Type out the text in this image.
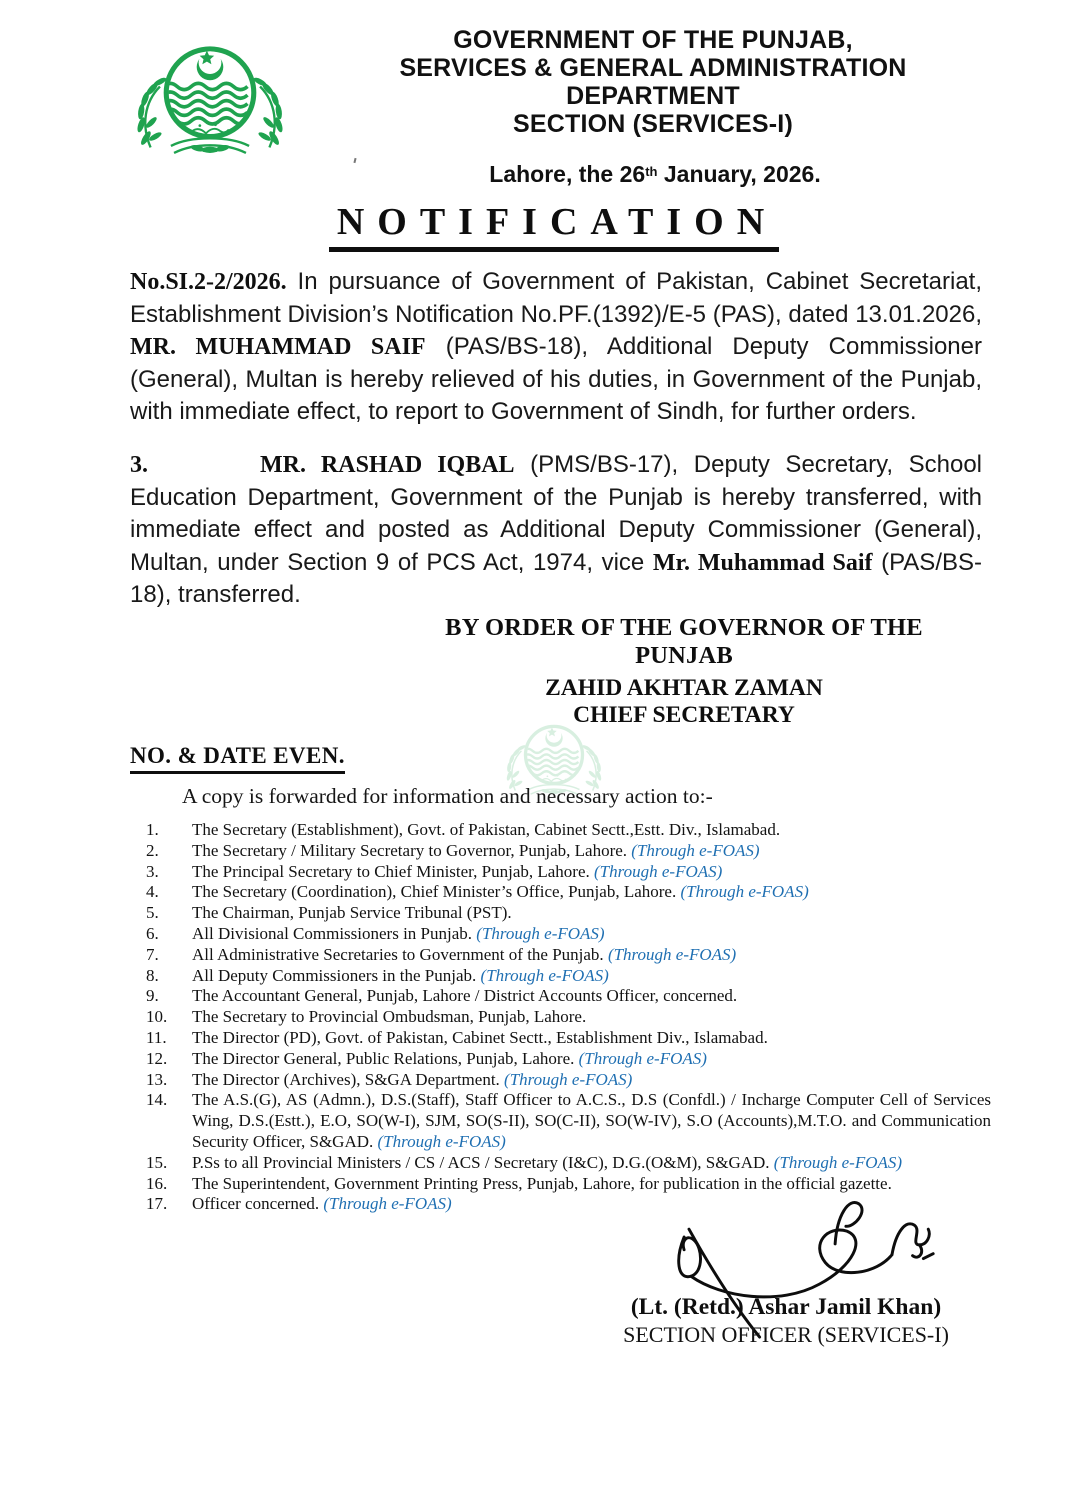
GOVERNMENT OF THE PUNJAB,
SERVICES & GENERAL ADMINISTRATION
DEPARTMENT
SECTION (SERVICES-I)
Lahore, the 26th January, 2026.
NOTIFICATION
No.SI.2-2/2026. In pursuance of Government of Pakistan, Cabinet Secretariat, Establishment Division’s Notification No.PF.(1392)/E-5 (PAS), dated 13.01.2026, MR. MUHAMMAD SAIF (PAS/BS-18), Additional Deputy Commissioner (General), Multan is hereby relieved of his duties, in Government of the Punjab, with immediate effect, to report to Government of Sindh, for further orders.
3.	MR. RASHAD IQBAL (PMS/BS-17), Deputy Secretary, School Education Department, Government of the Punjab is hereby transferred, with immediate effect and posted as Additional Deputy Commissioner (General), Multan, under Section 9 of PCS Act, 1974, vice Mr. Muhammad Saif (PAS/BS-18), transferred.
BY ORDER OF THE GOVERNOR OF THE PUNJAB
ZAHID AKHTAR ZAMAN
CHIEF SECRETARY
NO. & DATE EVEN.
A copy is forwarded for information and necessary action to:-
1.	The Secretary (Establishment), Govt. of Pakistan, Cabinet Sectt.,Estt. Div., Islamabad.
2.	The Secretary / Military Secretary to Governor, Punjab, Lahore. (Through e-FOAS)
3.	The Principal Secretary to Chief Minister, Punjab, Lahore. (Through e-FOAS)
4.	The Secretary (Coordination), Chief Minister’s Office, Punjab, Lahore. (Through e-FOAS)
5.	The Chairman, Punjab Service Tribunal (PST).
6.	All Divisional Commissioners in Punjab. (Through e-FOAS)
7.	All Administrative Secretaries to Government of the Punjab. (Through e-FOAS)
8.	All Deputy Commissioners in the Punjab. (Through e-FOAS)
9.	The Accountant General, Punjab, Lahore / District Accounts Officer, concerned.
10.	The Secretary to Provincial Ombudsman, Punjab, Lahore.
11.	The Director (PD), Govt. of Pakistan, Cabinet Sectt., Establishment Div., Islamabad.
12.	The Director General, Public Relations, Punjab, Lahore. (Through e-FOAS)
13.	The Director (Archives), S&GA Department. (Through e-FOAS)
14.	The A.S.(G), AS (Admn.), D.S.(Staff), Staff Officer to A.C.S., D.S (Confdl.) / Incharge Computer Cell of Services Wing, D.S.(Estt.), E.O, SO(W-I), SJM, SO(S-II), SO(C-II), SO(W-IV), S.O (Accounts),M.T.O. and Communication Security Officer, S&GAD. (Through e-FOAS)
15.	P.Ss to all Provincial Ministers / CS / ACS / Secretary (I&C), D.G.(O&M), S&GAD. (Through e-FOAS)
16.	The Superintendent, Government Printing Press, Punjab, Lahore, for publication in the official gazette.
17.	Officer concerned. (Through e-FOAS)
(Lt. (Retd.) Ashar Jamil Khan)
SECTION OFFICER (SERVICES-I)
